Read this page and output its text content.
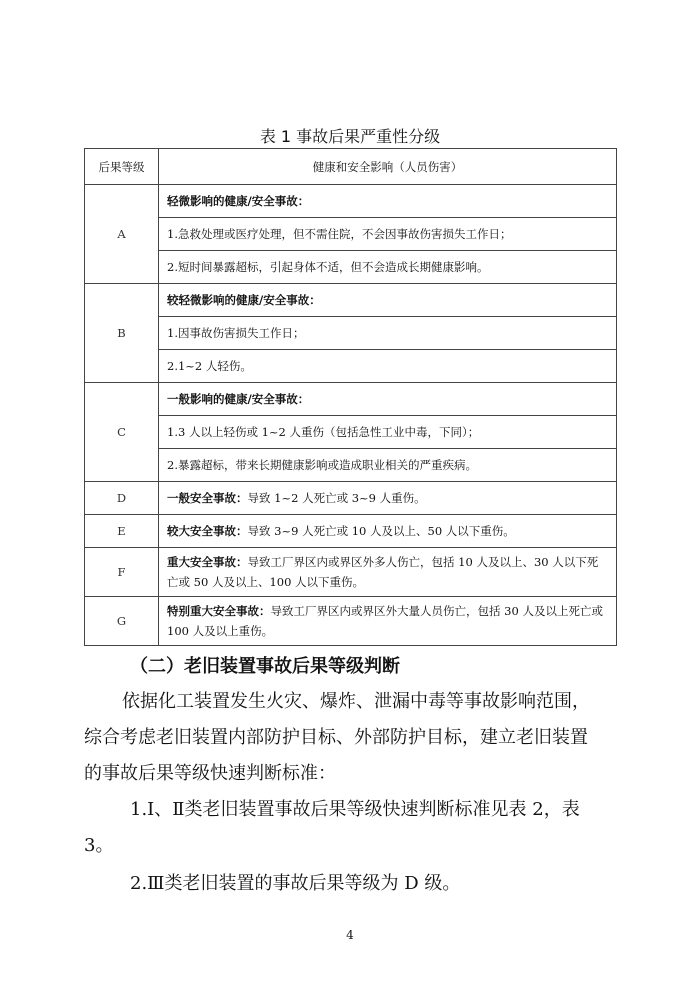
表 1 事故后果严重性分级
后果等级	健康和安全影响（人员伤害）
A	轻微影响的健康/安全事故：
	1.急救处理或医疗处理，但不需住院，不会因事故伤害损失工作日；
	2.短时间暴露超标，引起身体不适，但不会造成长期健康影响。
B	较轻微影响的健康/安全事故：
	1.因事故伤害损失工作日；
	2.1~2 人轻伤。
C	一般影响的健康/安全事故：
	1.3 人以上轻伤或 1~2 人重伤（包括急性工业中毒，下同）；
	2.暴露超标，带来长期健康影响或造成职业相关的严重疾病。
D	一般安全事故：导致 1~2 人死亡或 3~9 人重伤。
E	较大安全事故：导致 3~9 人死亡或 10 人及以上、50 人以下重伤。
F	重大安全事故：导致工厂界区内或界区外多人伤亡，包括 10 人及以上、30 人以下死亡或 50 人及以上、100 人以下重伤。
G	特别重大安全事故：导致工厂界区内或界区外大量人员伤亡，包括 30 人及以上死亡或 100 人及以上重伤。
（二）老旧装置事故后果等级判断
依据化工装置发生火灾、爆炸、泄漏中毒等事故影响范围，
综合考虑老旧装置内部防护目标、外部防护目标，建立老旧装置
的事故后果等级快速判断标准：
1.Ⅰ、Ⅱ类老旧装置事故后果等级快速判断标准见表 2，表
3。
2.Ⅲ类老旧装置的事故后果等级为 D 级。
4
